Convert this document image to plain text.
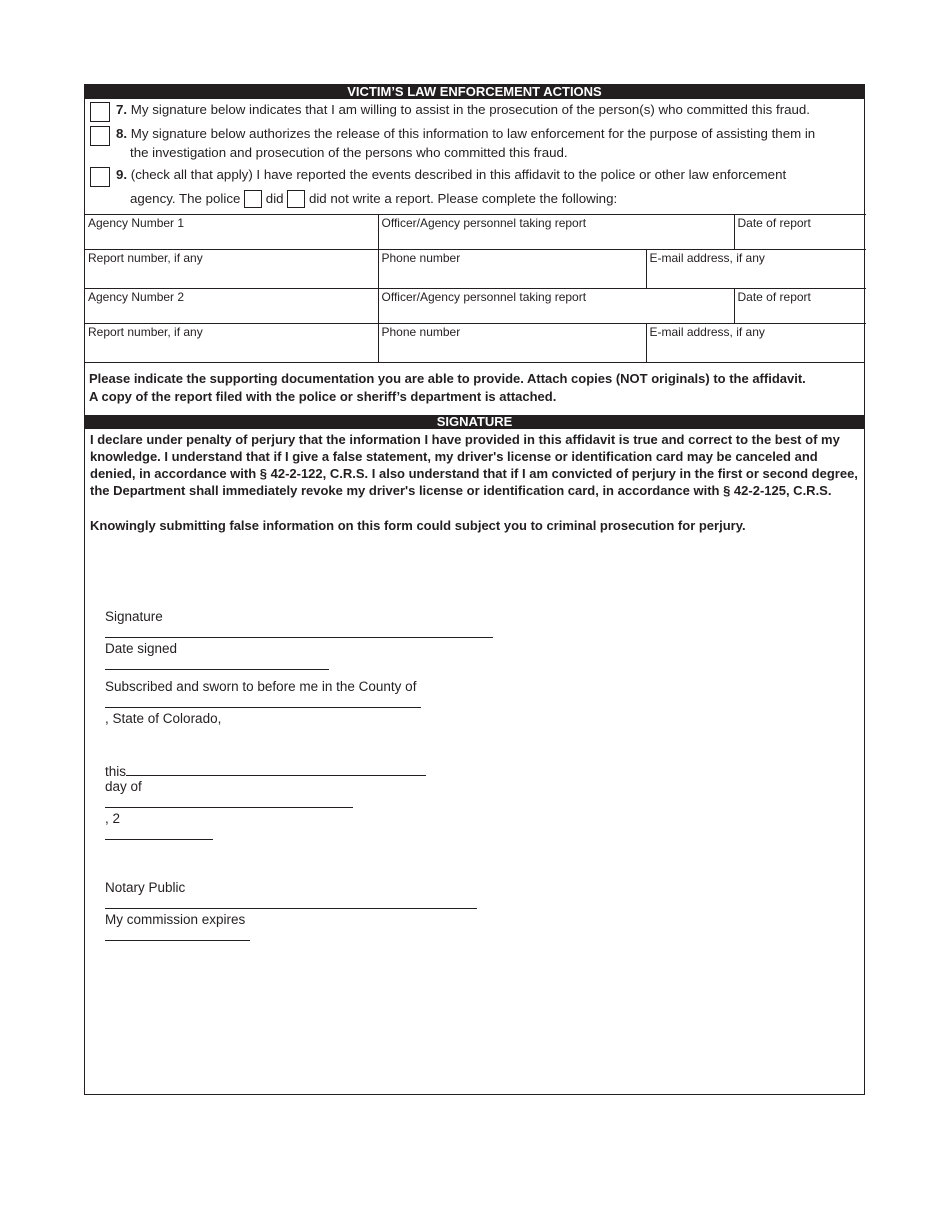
VICTIM’S LAW ENFORCEMENT ACTIONS
7. My signature below indicates that I am willing to assist in the prosecution of the person(s) who committed this fraud.
8. My signature below authorizes the release of this information to law enforcement for the purpose of assisting them in
the investigation and prosecution of the persons who committed this fraud.
9. (check all that apply) I have reported the events described in this affidavit to the police or other law enforcement
agency. The police did did not write a report. Please complete the following:
Agency Number 1	Officer/Agency personnel taking report		Date of report
Report number, if any	Phone number	E-mail address, if any	
Agency Number 2	Officer/Agency personnel taking report		Date of report
Report number, if any	Phone number	E-mail address, if any	
Please indicate the supporting documentation you are able to provide. Attach copies (NOT originals) to the affidavit.
A copy of the report filed with the police or sheriff’s department is attached.
SIGNATURE
I declare under penalty of perjury that the information I have provided in this affidavit is true and correct to the best of my knowledge. I understand that if I give a false statement, my driver's license or identification card may be canceled and denied, in accordance with § 42-2-122, C.R.S. I also understand that if I am convicted of perjury in the first or second degree, the Department shall immediately revoke my driver's license or identification card, in accordance with § 42-2-125, C.R.S.
Knowingly submitting false information on this form could subject you to criminal prosecution for perjury.

Signature

Date signed

Subscribed and sworn to before me in the County of

, State of Colorado,

this
day of

, 2

Notary Public

My commission expires
